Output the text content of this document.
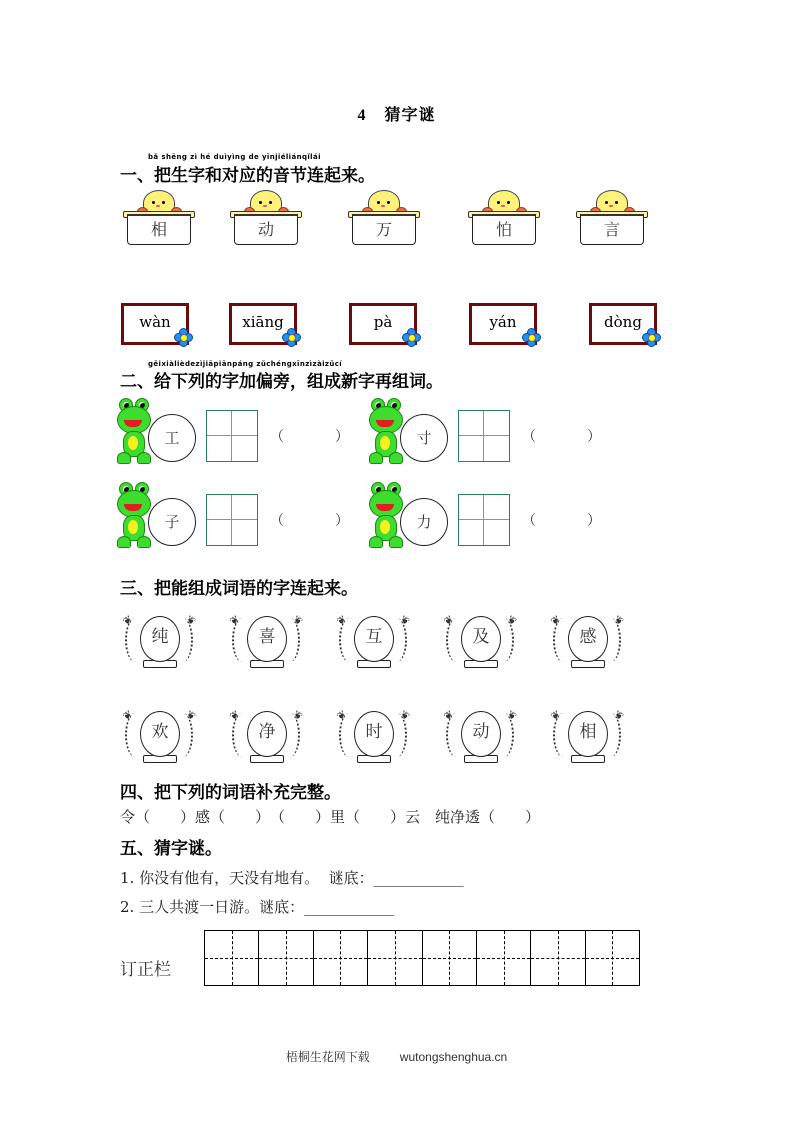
4 猜字谜
bǎ shēng zì hé duìyìng de yīnjiéliánqǐlái
一、把生字和对应的音节连起来。
相	动	万	怕	言
wàn	xiāng	pà	yán	dòng
gěixiàlièdezìjiāpiānpáng zǔchéngxīnzìzàizǔcí
二、给下列的字加偏旁，组成新字再组词。
工	（	）	寸	（	）
子	（	）	力	（	）
三、把能组成词语的字连起来。
❦
❦
纯 ❦ ❦	喜 ❦ ❦	互 ❦ ❦	及 ❦ ❦	感
❦
❦
欢 ❦ ❦	净 ❦ ❦	时 ❦ ❦	动 ❦ ❦	相
四、把下列的词语补充完整。
令（　　）感（　　）　（　　）里（　　）云　纯净透（　　）
五、猜字谜。
1. 你没有他有，天没有地有。  谜底：____________
2. 三人共渡一日游。谜底：____________
订正栏
梧桐生花网下载	wutongshenghua.cn
